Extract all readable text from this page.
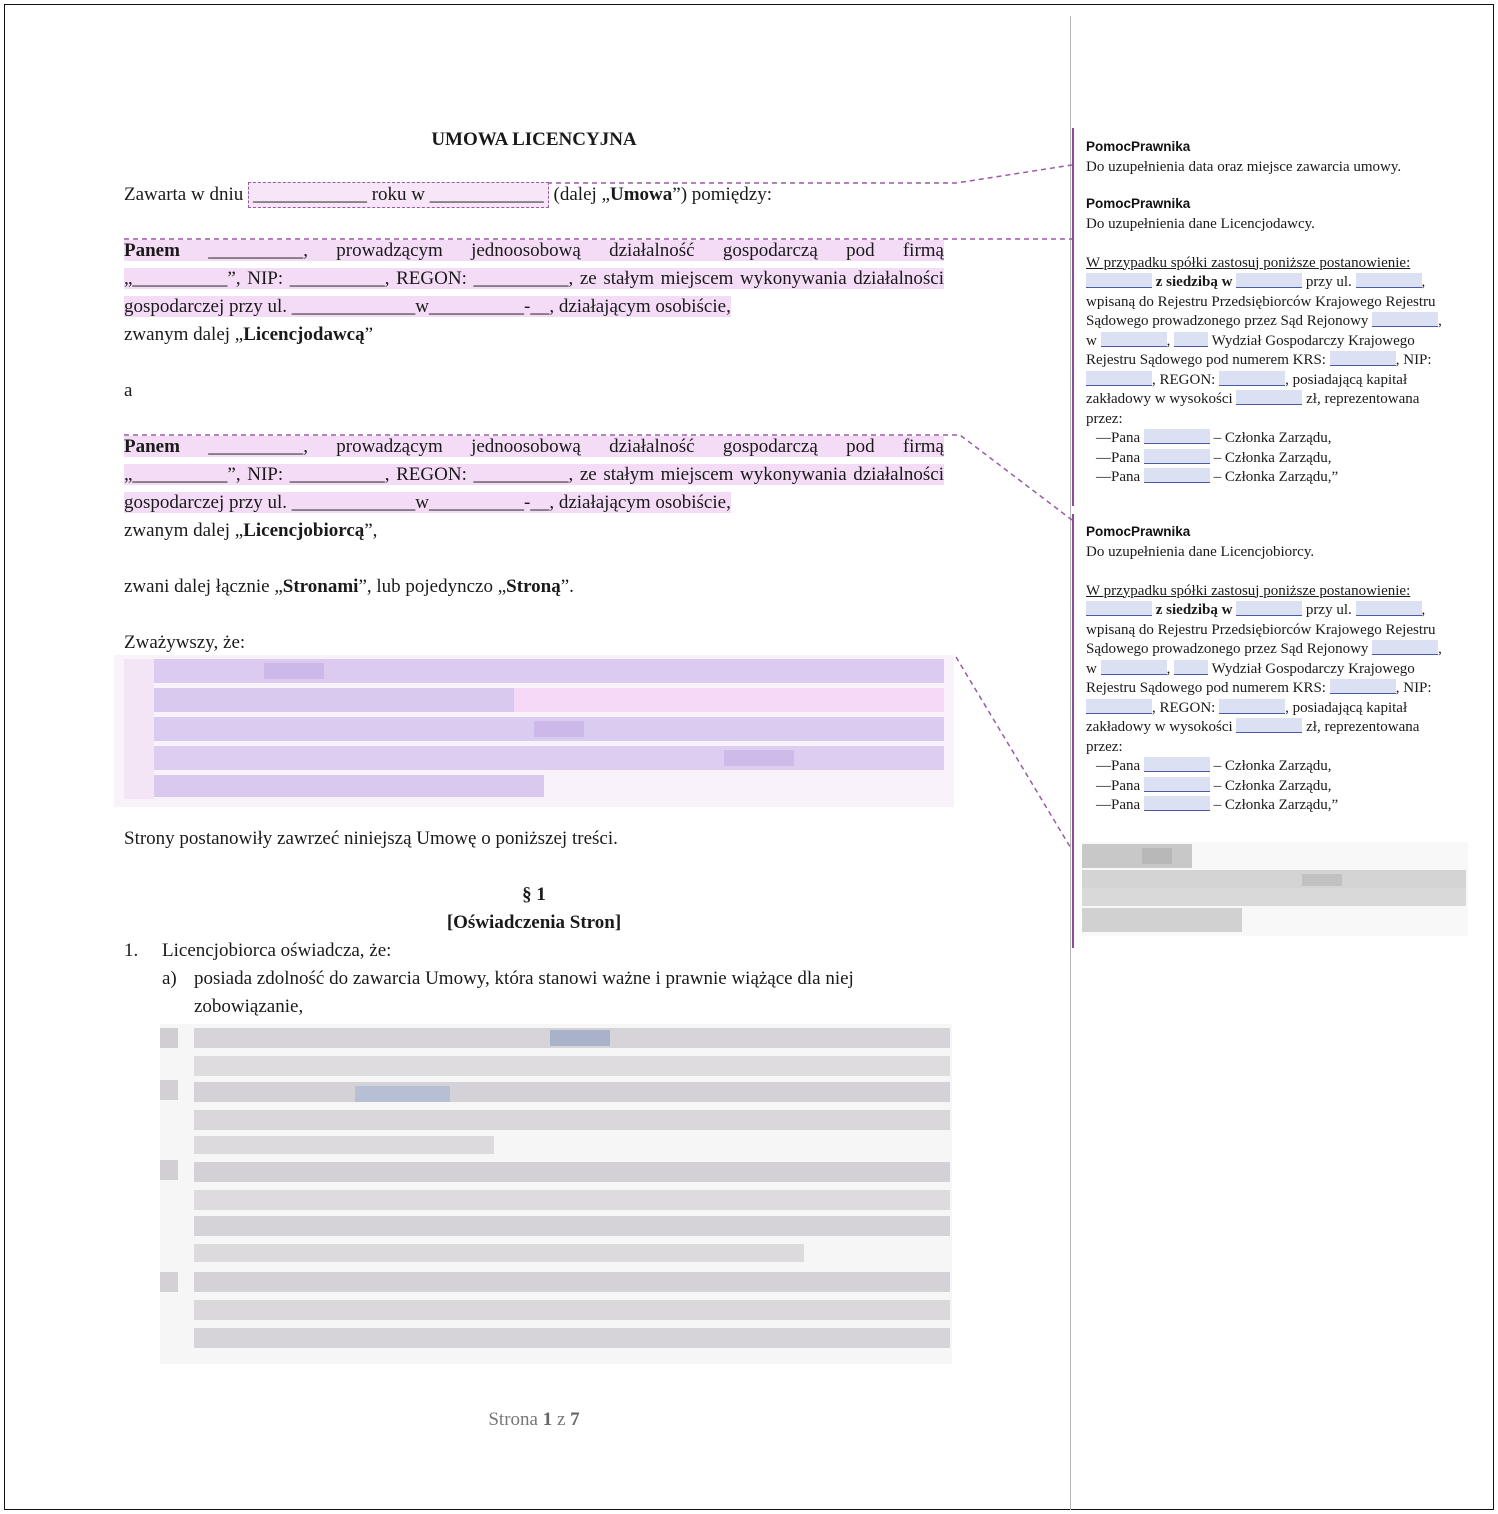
UMOWA LICENCYJNA
Zawarta w dniu ____________ roku w ____________ (dalej „Umowa”) pomiędzy:
Panem __________, prowadzącym jednoosobową działalność gospodarczą pod firmą
„__________”, NIP: __________, REGON: __________, ze stałym miejscem wykonywania działalności
gospodarczej przy ul. _____________w__________-__, działającym osobiście,
zwanym dalej „Licencjodawcą”
a
Panem __________, prowadzącym jednoosobową działalność gospodarczą pod firmą
„__________”, NIP: __________, REGON: __________, ze stałym miejscem wykonywania działalności
gospodarczej przy ul. _____________w__________-__, działającym osobiście,
zwanym dalej „Licencjobiorcą”,
zwani dalej łącznie „Stronami”, lub pojedynczo „Stroną”.
Zważywszy, że:
Strony postanowiły zawrzeć niniejszą Umowę o poniższej treści.
§ 1
[Oświadczenia Stron]
1. Licencjobiorca oświadcza, że:
a) posiada zdolność do zawarcia Umowy, która stanowi ważne i prawnie wiążące dla niej
zobowiązanie,
Strona 1 z 7
PomocPrawnika
Do uzupełnienia data oraz miejsce zawarcia umowy.
PomocPrawnika
Do uzupełnienia dane Licencjodawcy.

W przypadku spółki zastosuj poniższe postanowienie:
z siedzibą w	przy ul.	,
wpisaną do Rejestru Przedsiębiorców Krajowego Rejestru
Sądowego prowadzonego przez Sąd Rejonowy	,
w	,  Wydział Gospodarczy Krajowego
Rejestru Sądowego pod numerem KRS:	, NIP:
, REGON:	, posiadającą kapitał
zakładowy w wysokości	zł, reprezentowana
przez:
—Pana	– Członka Zarządu,
—Pana	– Członka Zarządu,
—Pana	– Członka Zarządu,”
PomocPrawnika
Do uzupełnienia dane Licencjobiorcy.

W przypadku spółki zastosuj poniższe postanowienie:
z siedzibą w	przy ul.	,
wpisaną do Rejestru Przedsiębiorców Krajowego Rejestru
Sądowego prowadzonego przez Sąd Rejonowy	,
w	,  Wydział Gospodarczy Krajowego
Rejestru Sądowego pod numerem KRS:	, NIP:
, REGON:	, posiadającą kapitał
zakładowy w wysokości	zł, reprezentowana
przez:
—Pana	– Członka Zarządu,
—Pana	– Członka Zarządu,
—Pana	– Członka Zarządu,”
